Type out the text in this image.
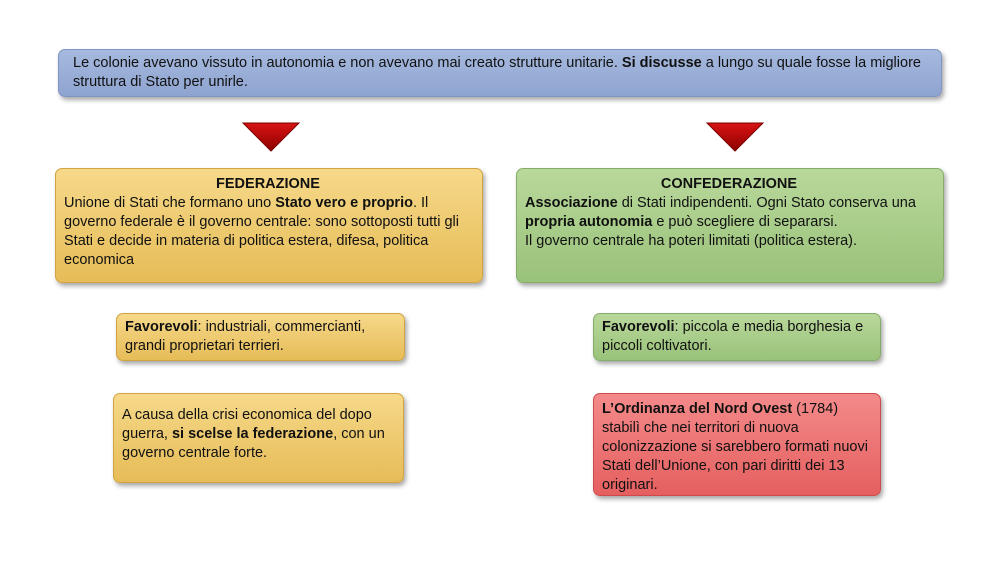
Le colonie avevano vissuto in autonomia e non avevano mai creato strutture unitarie. Si discusse a lungo su quale fosse la migliore struttura di Stato per unirle.
FEDERAZIONE
Unione di Stati che formano uno Stato vero e proprio. Il governo federale è il governo centrale: sono sottoposti tutti gli Stati e decide in materia di politica estera, difesa, politica economica
CONFEDERAZIONE
Associazione di Stati indipendenti. Ogni Stato conserva una propria autonomia e può scegliere di separarsi.
Il governo centrale ha poteri limitati (politica estera).
Favorevoli: industriali, commercianti, grandi proprietari terrieri.
Favorevoli: piccola e media borghesia e piccoli coltivatori.
A causa della crisi economica del dopo guerra, si scelse la federazione, con un governo centrale forte.
L’Ordinanza del Nord Ovest (1784) stabilì che nei territori di nuova colonizzazione si sarebbero formati nuovi Stati dell’Unione, con pari diritti dei 13 originari.
